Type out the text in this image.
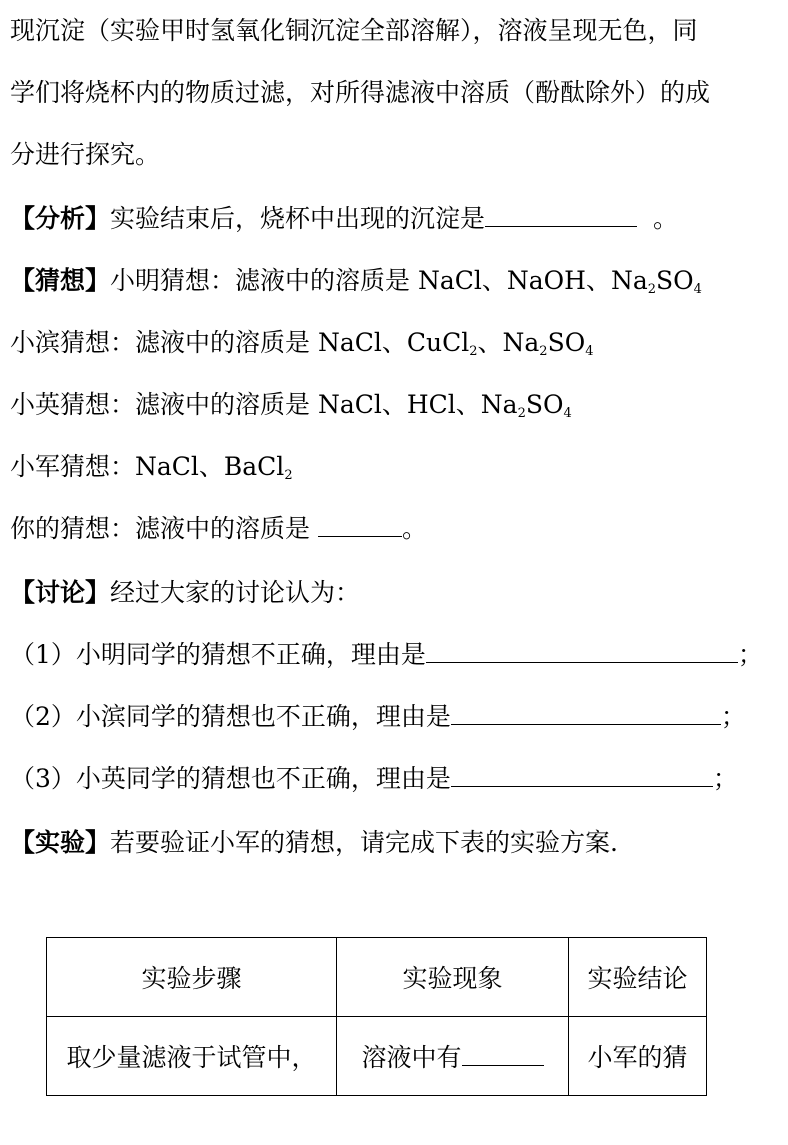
现沉淀（实验甲时氢氧化铜沉淀全部溶解），溶液呈现无色，同
学们将烧杯内的物质过滤，对所得滤液中溶质（酚酞除外）的成
分进行探究。
【分析】实验结束后，烧杯中出现的沉淀是	。
【猜想】小明猜想：滤液中的溶质是 NaCl、NaOH、$Na_2SO_4$
小滨猜想：滤液中的溶质是 NaCl、CuCl$_2$、$Na_2SO_4$
小英猜想：滤液中的溶质是 NaCl、HCl、$Na_2SO_4$
小军猜想：NaCl、BaCl$_2$
你的猜想：滤液中的溶质是	。
【讨论】经过大家的讨论认为：
（1）小明同学的猜想不正确，理由是	；
（2）小滨同学的猜想也不正确，理由是	；
（3）小英同学的猜想也不正确，理由是	；
【实验】若要验证小军的猜想，请完成下表的实验方案.
实验步骤	实验现象	实验结论
取少量滤液于试管中，	溶液中有	小军的猜
